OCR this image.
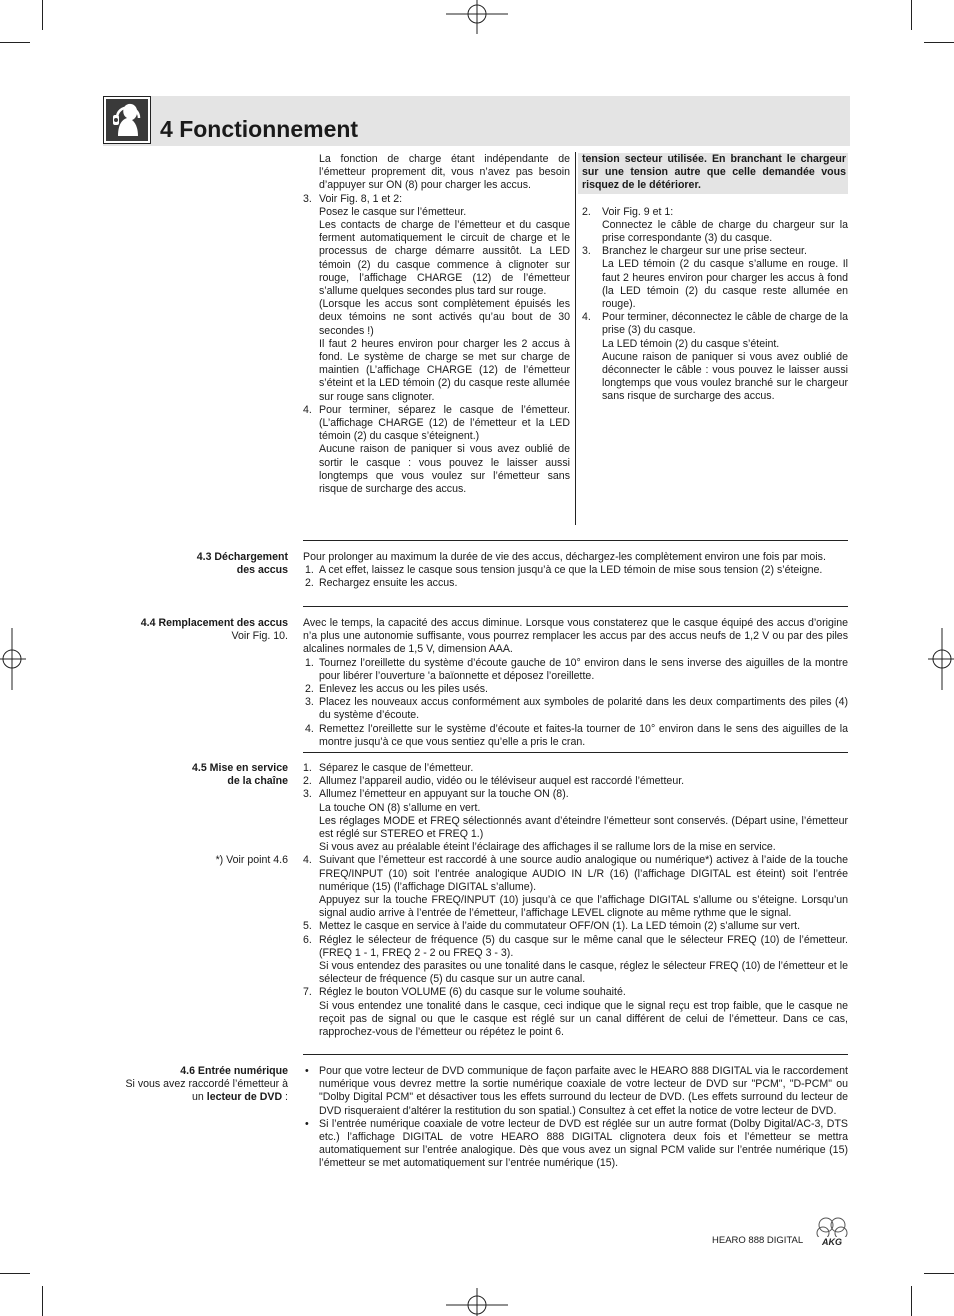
4 Fonctionnement

La fonction de charge étant indépendante de l’émetteur proprement dit, vous n’avez pas besoin d’appuyer sur ON (8) pour charger les accus.

3. Voir Fig. 8, 1 et 2:

Posez le casque sur l’émetteur.

Les contacts de charge de l’émetteur et du casque ferment automatiquement le circuit de charge et le processus de charge démarre aussitôt. La LED témoin (2) du casque commence à clignoter sur rouge, l’affichage CHARGE (12) de l’émetteur s’allume quelques secondes plus tard sur rouge.

(Lorsque les accus sont complètement épuisés les deux témoins ne sont activés qu’au bout de 30 secondes !)

Il faut 2 heures environ pour charger les 2 accus à fond. Le système de charge se met sur charge de maintien (L’affichage CHARGE (12) de l’émetteur s’éteint et la LED témoin (2) du casque reste allumée sur rouge sans clignoter.

4. Pour terminer, séparez le casque de l’émetteur. (L’affichage CHARGE (12) de l’émetteur et la LED témoin (2) du casque s’éteignent.)

Aucune raison de paniquer si vous avez oublié de sortir le casque : vous pouvez le laisser aussi longtemps que vous voulez sur l’émetteur sans risque de surcharge des accus.

tension secteur utilisée. En branchant le chargeur sur une tension autre que celle demandée vous risquez de le détériorer.

2.	Voir Fig. 9 et 1:

Connectez le câble de charge du chargeur sur la prise correspondante (3) du casque.

3.	Branchez le chargeur sur une prise secteur.

La LED témoin (2 du casque s’allume en rouge. Il faut 2 heures environ pour charger les accus à fond (la LED témoin (2) du casque reste allumée en rouge).

4.	Pour terminer, déconnectez le câble de charge de la prise (3) du casque.

La LED témoin (2) du casque s’éteint.

Aucune raison de paniquer si vous avez oublié de déconnecter le câble : vous pouvez le laisser aussi longtemps que vous voulez branché sur le chargeur sans risque de surcharge des accus.

4.3 Déchargement
des accus

Pour prolonger au maximum la durée de vie des accus, déchargez-les complètement environ une fois par mois.

1. A cet effet, laissez le casque sous tension jusqu’à ce que la LED témoin de mise sous tension (2) s’éteigne.
2. Rechargez ensuite les accus.
4.4 Remplacement des accus
Voir Fig. 10.

Avec le temps, la capacité des accus diminue. Lorsque vous constaterez que le casque équipé des accus d’origine n’a plus une autonomie suffisante, vous pourrez remplacer les accus par des accus neufs de 1,2 V ou par des piles alcalines normales de 1,5 V, dimension AAA.

1. Tournez l’oreillette du système d’écoute gauche de 10° environ dans le sens inverse des aiguilles de la montre pour libérer l’ouverture 'a baïonnette et déposez l’oreillette.
2. Enlevez les accus ou les piles usés.
3. Placez les nouveaux accus conformément aux symboles de polarité dans les deux compartiments des piles (4) du système d’écoute.
4. Remettez l’oreillette sur le système d’écoute et faites-la tourner de 10° environ dans le sens des aiguilles de la montre jusqu’à ce que vous sentiez qu’elle a pris le cran.
4.5 Mise en service
de la chaîne
*) Voir point 4.6
1. Séparez le casque de l’émetteur.

2. Allumez l’appareil audio, vidéo ou le téléviseur auquel est raccordé l’émetteur.

3. Allumez l’émetteur en appuyant sur la touche ON (8).

La touche ON (8) s’allume en vert.

Les réglages MODE et FREQ sélectionnés avant d’éteindre l’émetteur sont conservés. (Départ usine, l’émetteur est réglé sur STEREO et FREQ 1.)

Si vous avez au préalable éteint l’éclairage des affichages il se rallume lors de la mise en service.

4. Suivant que l’émetteur est raccordé à une source audio analogique ou numérique*) activez à l’aide de la touche FREQ/INPUT (10) soit l’entrée analogique AUDIO IN L/R (16) (l’affichage DIGITAL est éteint) soit l’entrée numérique (15) (l’affichage DIGITAL s’allume).

Appuyez sur la touche FREQ/INPUT (10) jusqu’à ce que l’affichage DIGITAL s’allume ou s’éteigne. Lorsqu’un signal audio arrive à l’entrée de l’émetteur, l’affichage LEVEL clignote au même rythme que le signal.

5. Mettez le casque en service à l’aide du commutateur OFF/ON (1). La LED témoin (2) s’allume sur vert.

6. Réglez le sélecteur de fréquence (5) du casque sur le même canal que le sélecteur FREQ (10) de l’émetteur. (FREQ 1 - 1, FREQ 2 - 2 ou FREQ 3 - 3).

Si vous entendez des parasites ou une tonalité dans le casque, réglez le sélecteur FREQ (10) de l’émetteur et le sélecteur de fréquence (5) du casque sur un autre canal.

7. Réglez le bouton VOLUME (6) du casque sur le volume souhaité.

Si vous entendez une tonalité dans le casque, ceci indique que le signal reçu est trop faible, que le casque ne reçoit pas de signal ou que le casque est réglé sur un canal différent de celui de l’émetteur. Dans ce cas, rapprochez-vous de l’émetteur ou répétez le point 6.

4.6 Entrée numérique
Si vous avez raccordé l’émetteur à
un lecteur de DVD :
• Pour que votre lecteur de DVD communique de façon parfaite avec le HEARO 888 DIGITAL via le raccordement numérique vous devrez mettre la sortie numérique coaxiale de votre lecteur de DVD sur "PCM", "D-PCM" ou "Dolby Digital PCM" et désactiver tous les effets surround du lecteur de DVD. (Les effets surround du lecteur de DVD risqueraient d’altérer la restitution du son spatial.) Consultez à cet effet la notice de votre lecteur de DVD.
• Si l’entrée numérique coaxiale de votre lecteur de DVD est réglée sur un autre format (Dolby Digital/AC-3, DTS etc.) l’affichage DIGITAL de votre HEARO 888 DIGITAL clignotera deux fois et l’émetteur se mettra automatiquement sur l’entrée analogique. Dès que vous avez un signal PCM valide sur l’entrée numérique (15) l’émetteur se met automatiquement sur l’entrée numérique (15).
HEARO 888 DIGITAL AKG
